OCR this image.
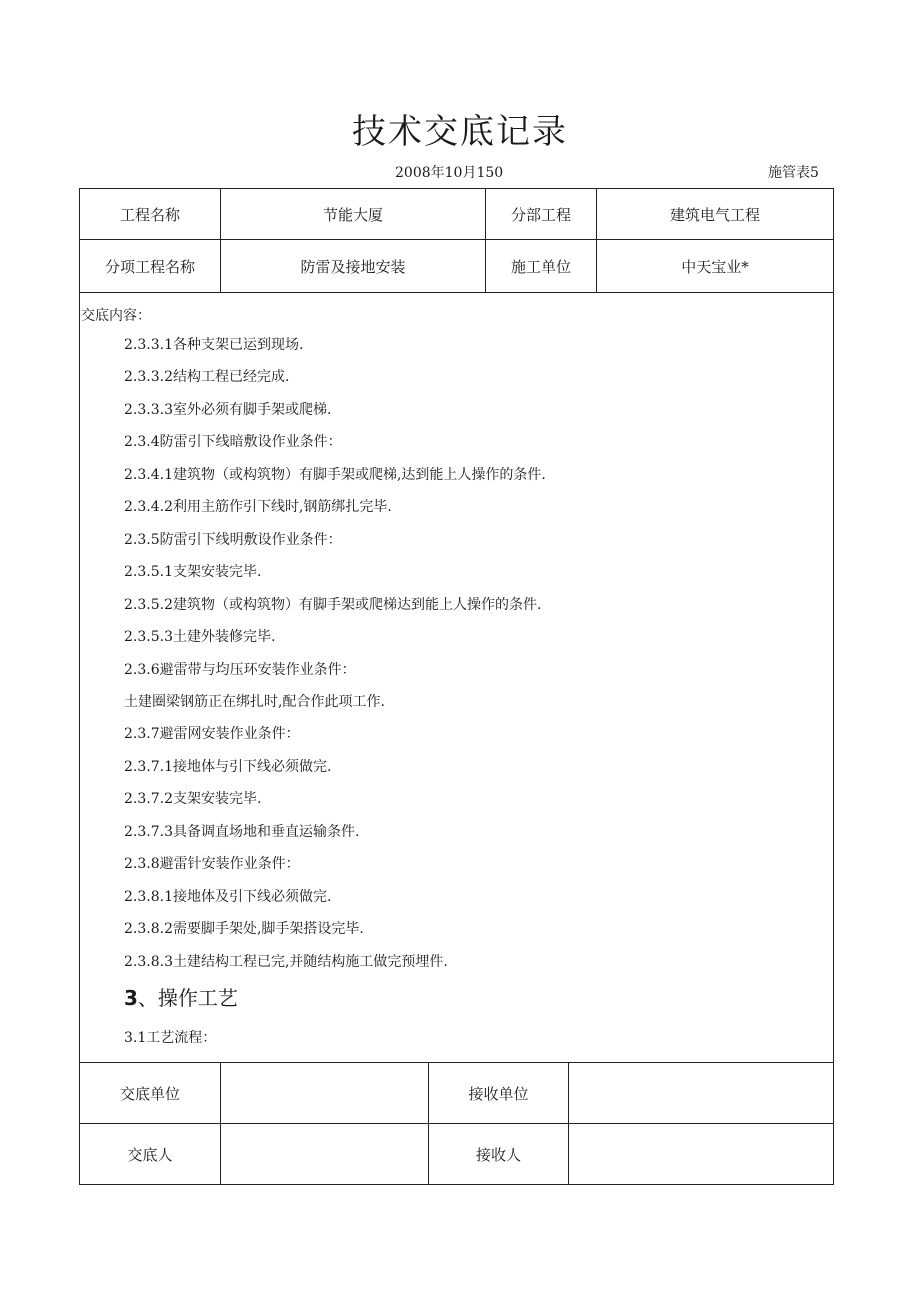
技术交底记录
2008年10月150	施管表5
工程名称	节能大厦	分部工程	建筑电气工程
分项工程名称	防雷及接地安装	施工单位	中天宝业*
交底内容：
2.3.3.1各种支架已运到现场.
2.3.3.2结构工程已经完成.
2.3.3.3室外必须有脚手架或爬梯.
2.3.4防雷引下线暗敷设作业条件：
2.3.4.1建筑物（或构筑物）有脚手架或爬梯,达到能上人操作的条件.
2.3.4.2利用主筋作引下线时,钢筋绑扎完毕.
2.3.5防雷引下线明敷设作业条件：
2.3.5.1支架安装完毕.
2.3.5.2建筑物（或构筑物）有脚手架或爬梯达到能上人操作的条件.
2.3.5.3土建外装修完毕.
2.3.6避雷带与均压环安装作业条件：
土建圈梁钢筋正在绑扎时,配合作此项工作.
2.3.7避雷网安装作业条件：
2.3.7.1接地体与引下线必须做完.
2.3.7.2支架安装完毕.
2.3.7.3具备调直场地和垂直运输条件.
2.3.8避雷针安装作业条件：
2.3.8.1接地体及引下线必须做完.
2.3.8.2需要脚手架处,脚手架搭设完毕.
2.3.8.3土建结构工程已完,并随结构施工做完预埋件.
3、操作工艺
3.1工艺流程：
交底单位	接收单位
交底人	接收人
